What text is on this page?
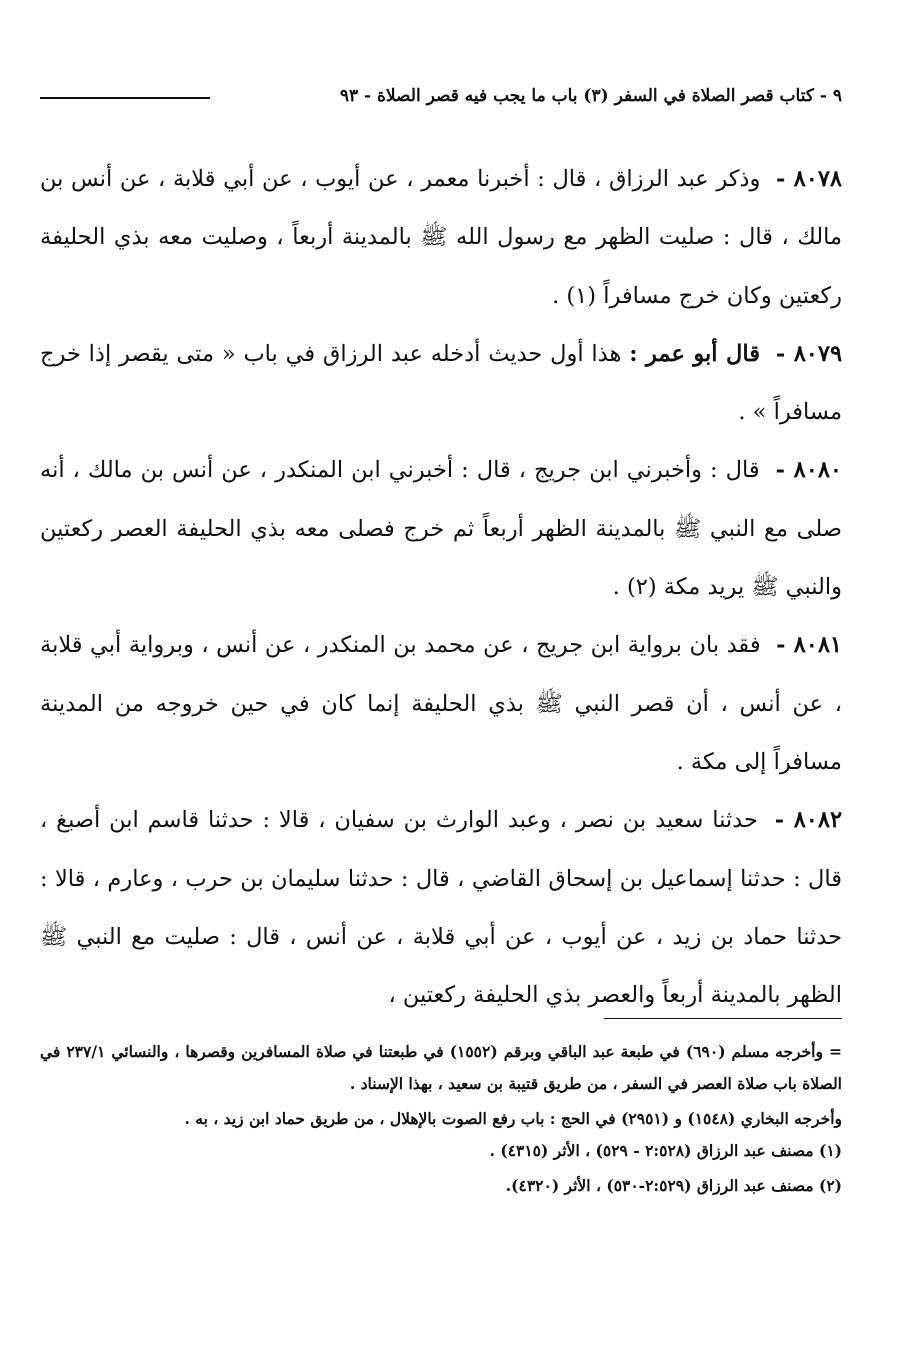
٩ - كتاب قصر الصلاة في السفر (٣) باب ما يجب فيه قصر الصلاة - ٩٣

٨٠٧٨ - وذكر عبد الرزاق ، قال : أخبرنا معمر ، عن أيوب ، عن أبي قلابة ، عن أنس بن مالك ، قال : صليت الظهر مع رسول الله ﷺ بالمدينة أربعاً ، وصليت معه بذي الحليفة ركعتين وكان خرج مسافراً (١) .

٨٠٧٩ - قال أبو عمر : هذا أول حديث أدخله عبد الرزاق في باب « متى يقصر إذا خرج مسافراً » .

٨٠٨٠ - قال : وأخبرني ابن جريج ، قال : أخبرني ابن المنكدر ، عن أنس بن مالك ، أنه صلى مع النبي ﷺ بالمدينة الظهر أربعاً ثم خرج فصلى معه بذي الحليفة العصر ركعتين والنبي ﷺ يريد مكة (٢) .

٨٠٨١ - فقد بان برواية ابن جريج ، عن محمد بن المنكدر ، عن أنس ، وبرواية أبي قلابة ، عن أنس ، أن قصر النبي ﷺ بذي الحليفة إنما كان في حين خروجه من المدينة مسافراً إلى مكة .

٨٠٨٢ - حدثنا سعيد بن نصر ، وعبد الوارث بن سفيان ، قالا : حدثنا قاسم ابن أصبغ ، قال : حدثنا إسماعيل بن إسحاق القاضي ، قال : حدثنا سليمان بن حرب ، وعارم ، قالا : حدثنا حماد بن زيد ، عن أيوب ، عن أبي قلابة ، عن أنس ، قال : صليت مع النبي ﷺ الظهر بالمدينة أربعاً والعصر بذي الحليفة ركعتين ،

= وأخرجه مسلم (٦٩٠) في طبعة عبد الباقي وبرقم (١٥٥٢) في طبعتنا في صلاة المسافرين وقصرها ، والنسائي ٢٣٧/١ في الصلاة باب صلاة العصر في السفر ، من طريق قتيبة بن سعيد ، بهذا الإسناد .

وأخرجه البخاري (١٥٤٨) و (٢٩٥١) في الحج : باب رفع الصوت بالإهلال ، من طريق حماد ابن زيد ، به .

(١) مصنف عبد الرزاق (٢:٥٢٨ - ٥٢٩) ، الأثر (٤٣١٥) .

(٢) مصنف عبد الرزاق (٢:٥٢٩-٥٣٠) ، الأثر (٤٣٢٠).
